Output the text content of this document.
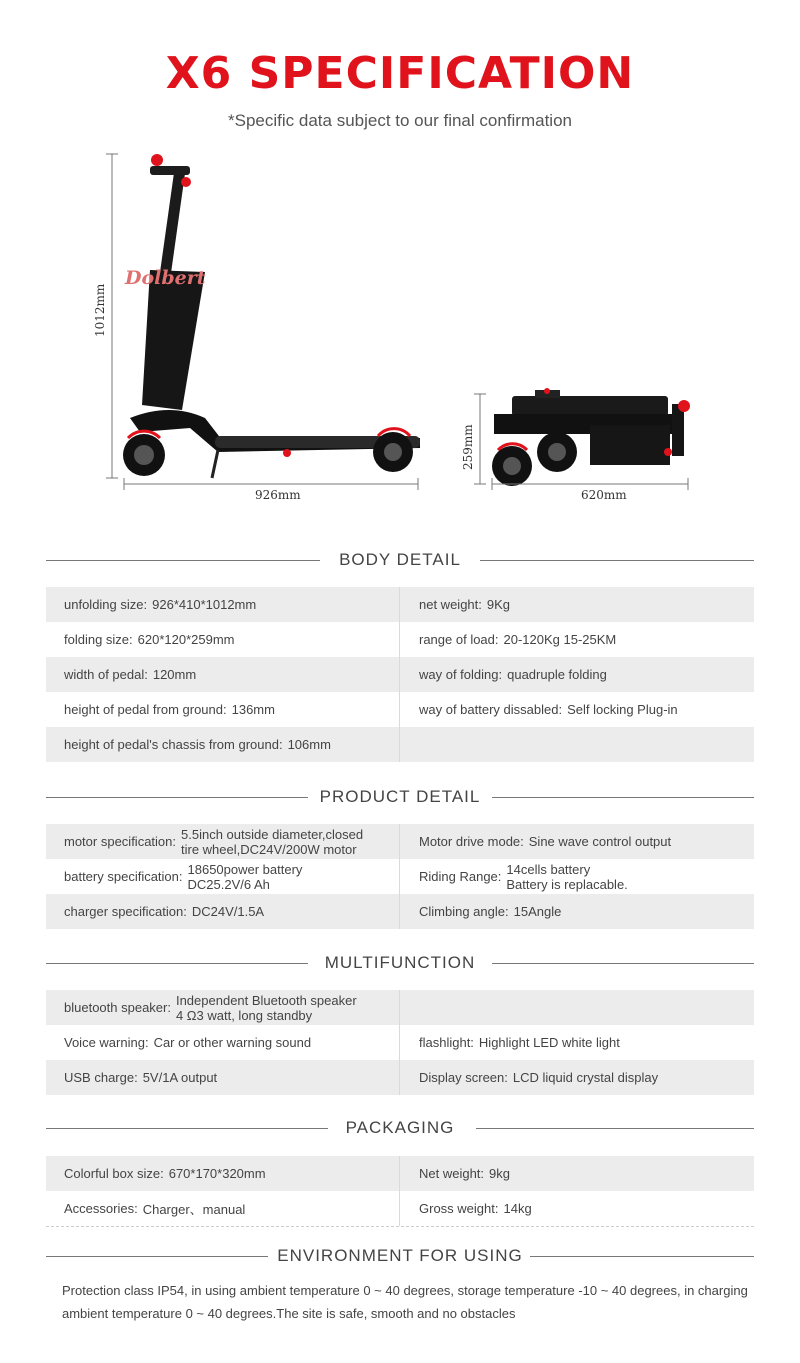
X6 SPECIFICATION
*Specific data subject to our final confirmation
1012mm
Dolbert
926mm
259mm
620mm
BODY DETAIL
unfolding size: 926*410*1012mm	net weight: 9Kg
folding size: 620*120*259mm	range of load: 20-120Kg 15-25KM
width of pedal: 120mm	way of folding: quadruple folding
height of pedal from ground: 136mm	way of battery dissabled: Self locking Plug-in
height of pedal's chassis from ground: 106mm
PRODUCT DETAIL
motor specification: 5.5inch outside diameter,closed
tire wheel,DC24V/200W motor	Motor drive mode: Sine wave control output
battery specification: 18650power battery
DC25.2V/6 Ah	Riding Range: 14cells battery
Battery is replacable.
charger specification: DC24V/1.5A	Climbing angle: 15Angle
MULTIFUNCTION
bluetooth speaker: Independent Bluetooth speaker
4 Ω3 watt, long standby
Voice warning: Car or other warning sound	flashlight: Highlight LED white light
USB charge: 5V/1A output	Display screen: LCD liquid crystal display
PACKAGING
Colorful box size: 670*170*320mm	Net weight: 9kg
Accessories: Charger、manual	Gross weight: 14kg
ENVIRONMENT FOR USING
Protection class IP54, in using ambient temperature 0 ~ 40 degrees, storage temperature -10 ~ 40 degrees, in charging ambient temperature 0 ~ 40 degrees.The site is safe, smooth and no obstacles
